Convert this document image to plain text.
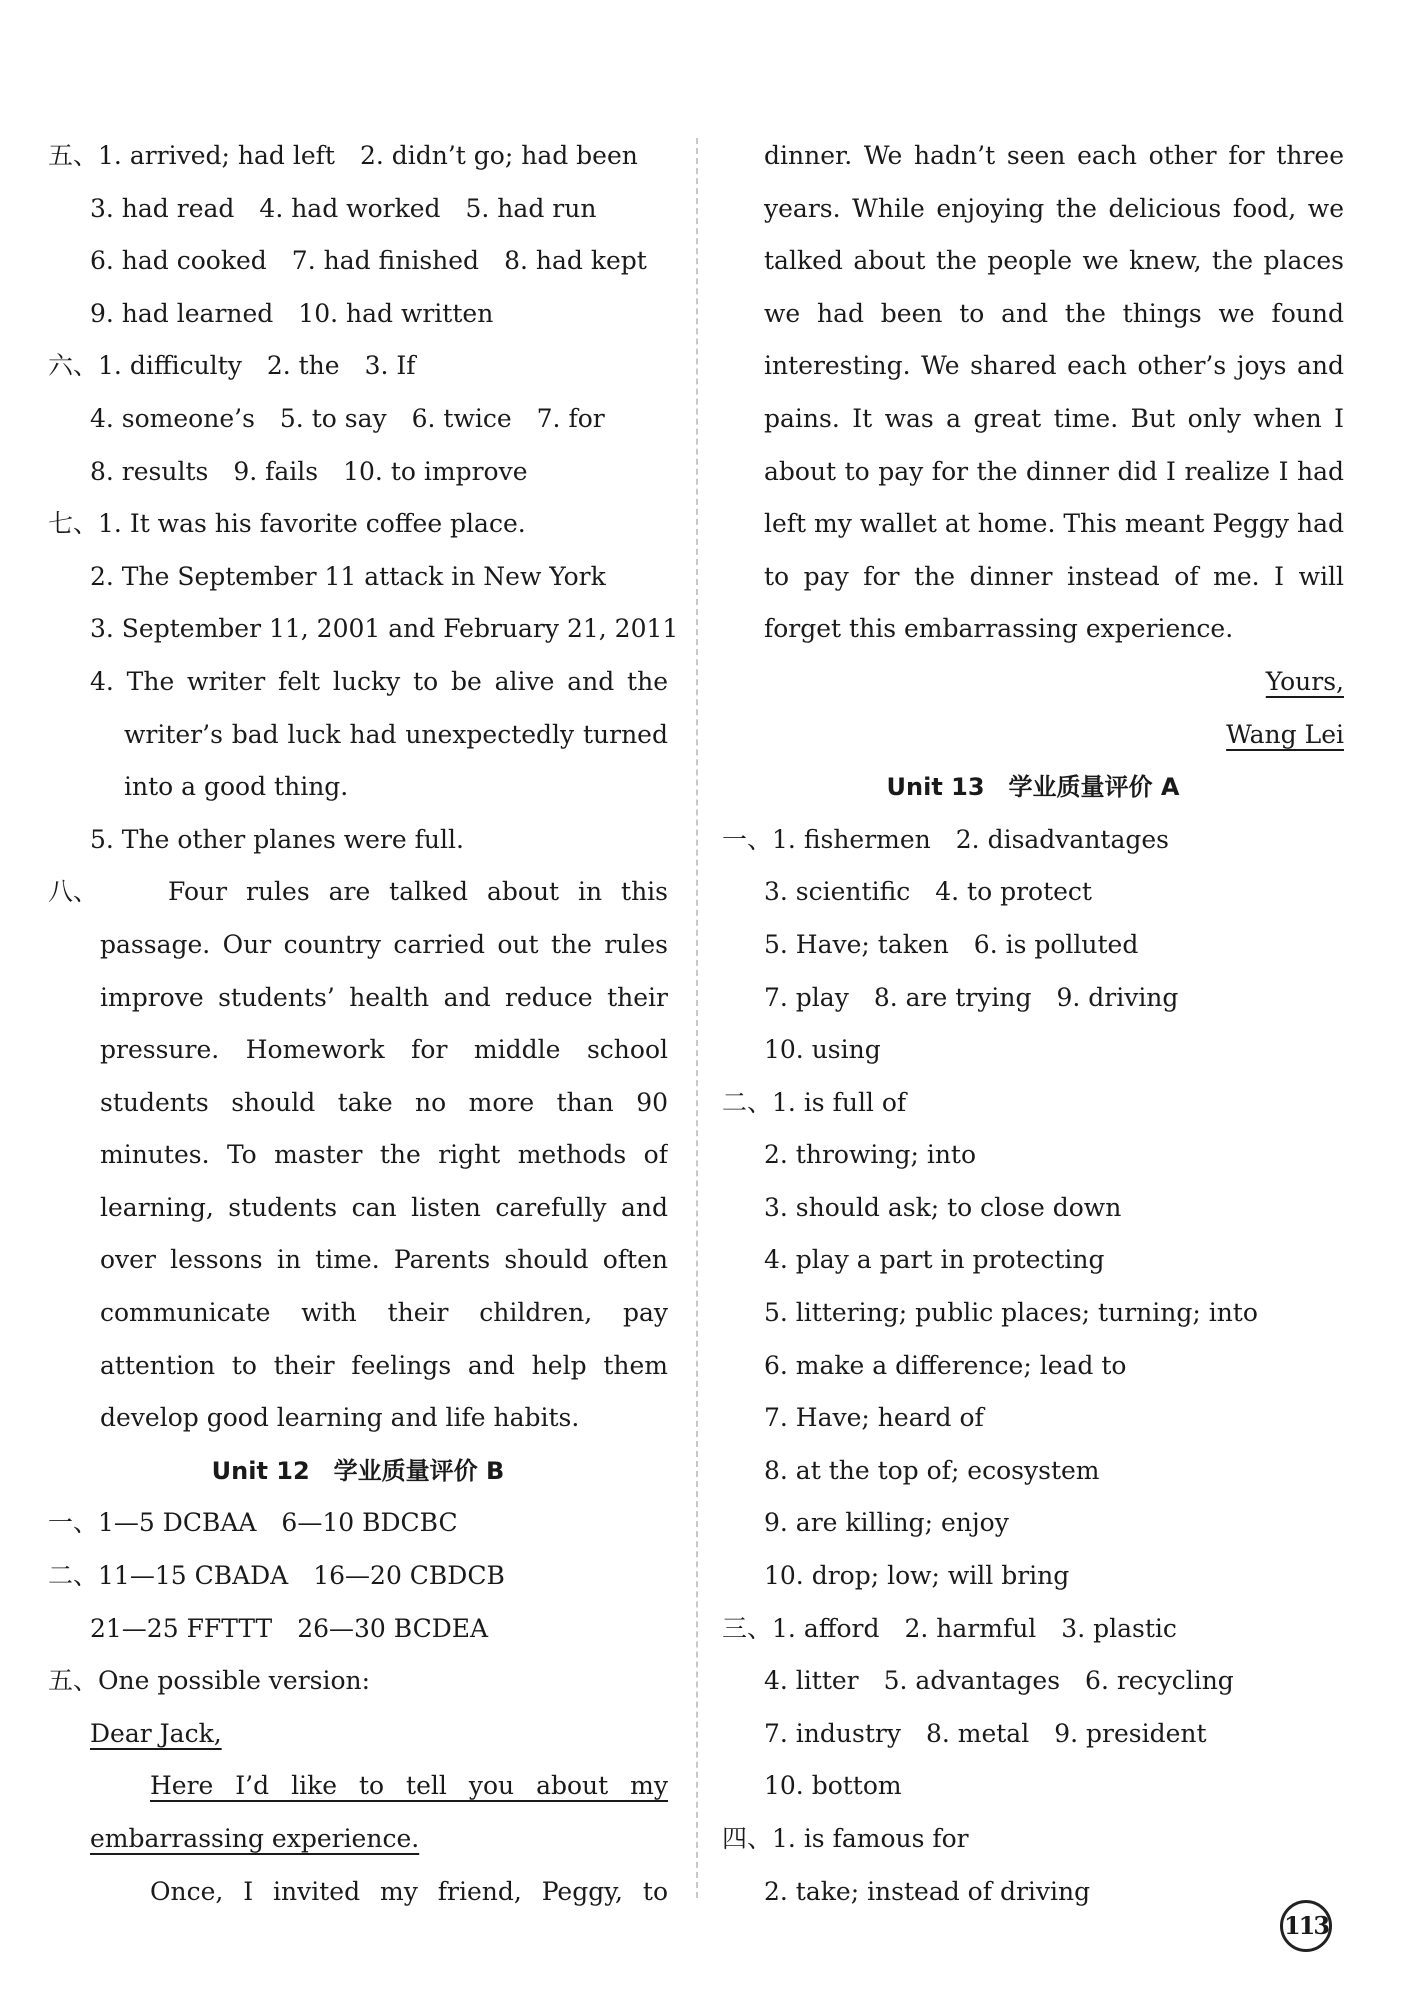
五、1. arrived; had left　2. didn’t go; had been
3. had read　4. had worked　5. had run
6. had cooked　7. had finished　8. had kept
9. had learned　10. had written
六、1. difficulty　2. the　3. If
4. someone’s　5. to say　6. twice　7. for
8. results　9. fails　10. to improve
七、1. It was his favorite coffee place.
2. The September 11 attack in New York
3. September 11, 2001 and February 21, 2011
4. The writer felt lucky to be alive and the
writer’s bad luck had unexpectedly turned
into a good thing.
5. The other planes were full.
八、	Four rules are talked about in this
passage. Our country carried out the rules
improve students’ health and reduce their
pressure. Homework for middle school
students should take no more than 90
minutes. To master the right methods of
learning, students can listen carefully and
over lessons in time. Parents should often
communicate with their children, pay
attention to their feelings and help them
develop good learning and life habits.
Unit 12　学业质量评价 B
一、1—5 DCBAA　6—10 BDCBC
二、11—15 CBADA　16—20 CBDCB
21—25 FFTTT　26—30 BCDEA
五、One possible version:
Dear Jack,
Here I’d like to tell you about my
embarrassing experience.
Once, I invited my friend, Peggy, to
dinner. We hadn’t seen each other for three
years. While enjoying the delicious food, we
talked about the people we knew, the places
we had been to and the things we found
interesting. We shared each other’s joys and
pains. It was a great time. But only when I
about to pay for the dinner did I realize I had
left my wallet at home. This meant Peggy had
to pay for the dinner instead of me. I will
forget this embarrassing experience.
Yours,
Wang Lei
Unit 13　学业质量评价 A
一、1. fishermen　2. disadvantages
3. scientific　4. to protect
5. Have; taken　6. is polluted
7. play　8. are trying　9. driving
10. using
二、1. is full of
2. throwing; into
3. should ask; to close down
4. play a part in protecting
5. littering; public places; turning; into
6. make a difference; lead to
7. Have; heard of
8. at the top of; ecosystem
9. are killing; enjoy
10. drop; low; will bring
三、1. afford　2. harmful　3. plastic
4. litter　5. advantages　6. recycling
7. industry　8. metal　9. president
10. bottom
四、1. is famous for
2. take; instead of driving
113
